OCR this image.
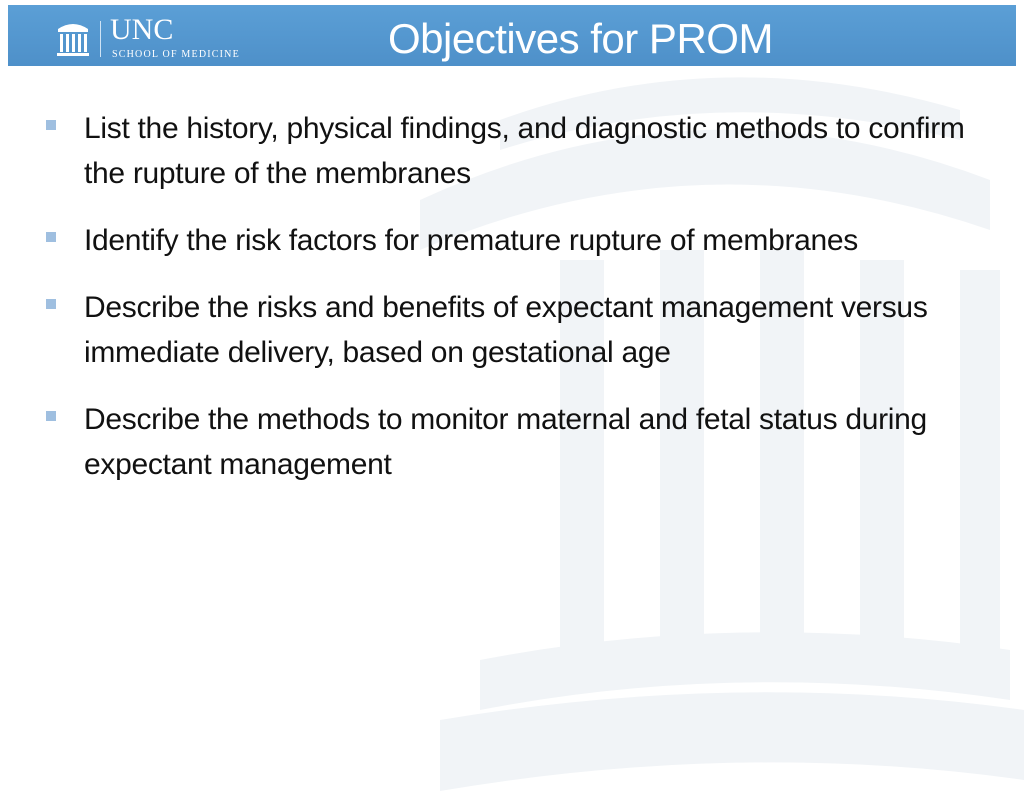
UNC
SCHOOL OF MEDICINE	Objectives for PROM
List the history, physical findings, and diagnostic methods to confirm the rupture of the membranes
Identify the risk factors for premature rupture of membranes
Describe the risks and benefits of expectant management versus immediate delivery, based on gestational age
Describe the methods to monitor maternal and fetal status during expectant management
